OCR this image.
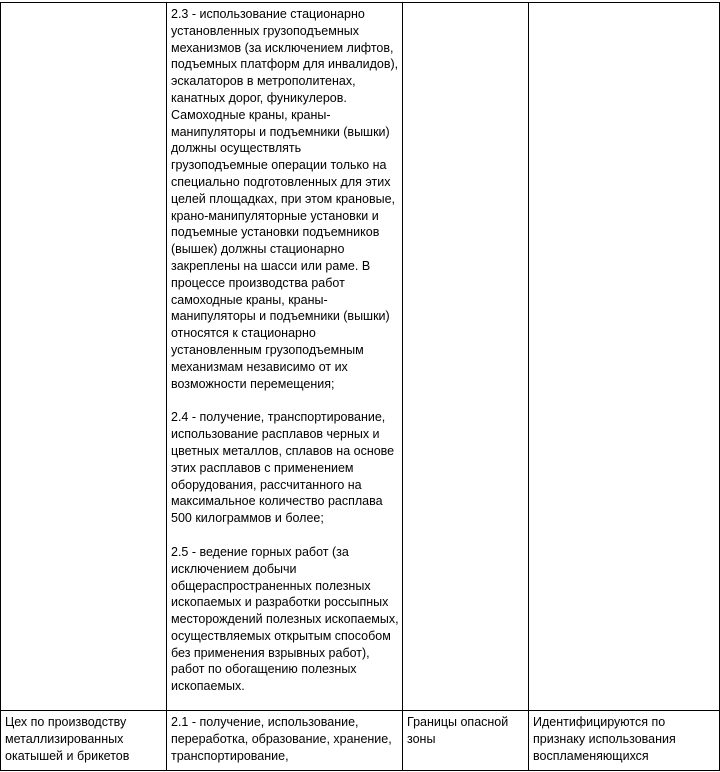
	2.3 - использование стационарно установленных грузоподъемных механизмов (за исключением лифтов, подъемных платформ для инвалидов), эскалаторов в метрополитенах, канатных дорог, фуникулеров. Самоходные краны, краны-манипуляторы и подъемники (вышки) должны осуществлять грузоподъемные операции только на специально подготовленных для этих целей площадках, при этом крановые, крано-манипуляторные установки и подъемные установки подъемников (вышек) должны стационарно закреплены на шасси или раме. В процессе производства работ самоходные краны, краны-манипуляторы и подъемники (вышки) относятся к стационарно установленным грузоподъемным механизмам независимо от их возможности перемещения;

2.4 - получение, транспортирование, использование расплавов черных и цветных металлов, сплавов на основе этих расплавов с применением оборудования, рассчитанного на максимальное количество расплава 500 килограммов и более;

2.5 - ведение горных работ (за исключением добычи общераспространенных полезных ископаемых и разработки россыпных месторождений полезных ископаемых, осуществляемых открытым способом без применения взрывных работ), работ по обогащению полезных ископаемых.		

Цех по производству металлизированных окатышей и брикетов	2.1 - получение, использование, переработка, образование, хранение, транспортирование,	Границы опасной зоны	Идентифицируются по признаку использования воспламеняющихся
